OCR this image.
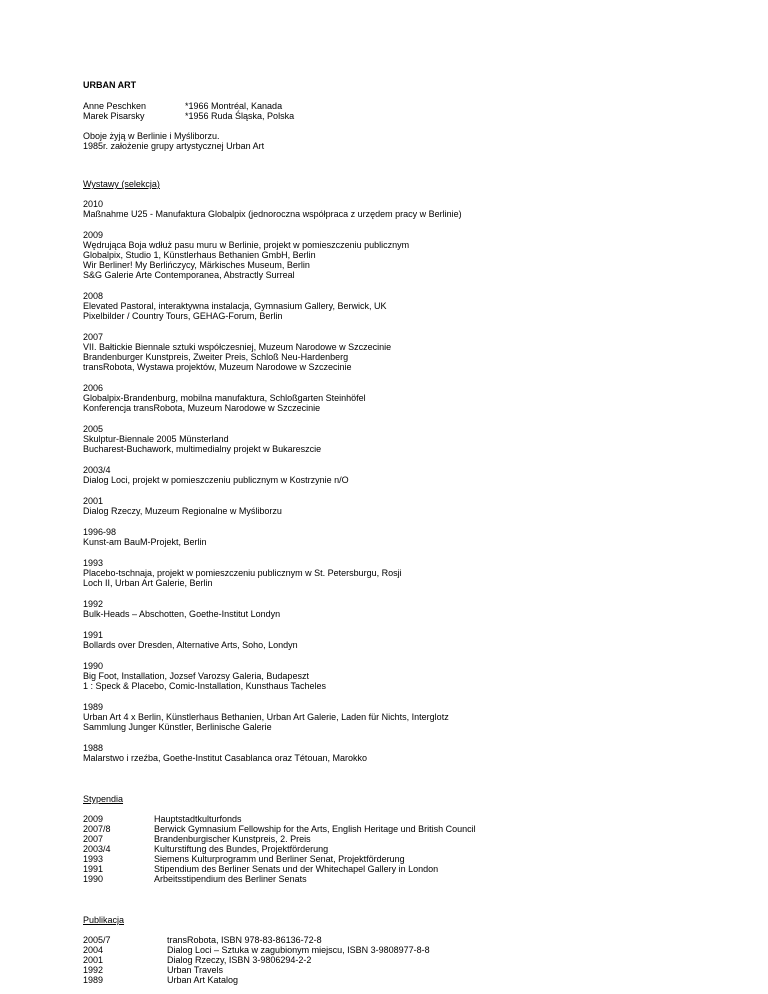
URBAN ART
Anne Peschken	*1966 Montréal, Kanada
Marek Pisarsky	*1956 Ruda Śląska, Polska
Oboje żyją w Berlinie i Myśliborzu.
1985r. założenie grupy artystycznej Urban Art
Wystawy (selekcja)
2010
Maßnahme U25 - Manufaktura Globalpix (jednoroczna współpraca z urzędem pracy w Berlinie)
2009
Wędrująca Boja wdłuż pasu muru w Berlinie, projekt w pomieszczeniu publicznym
Globalpix, Studio 1, Künstlerhaus Bethanien GmbH, Berlin
Wir Berliner! My Berlińczycy, Märkisches Museum, Berlin
S&G Galerie Arte Contemporanea, Abstractly Surreal
2008
Elevated Pastoral, interaktywna instalacja, Gymnasium Gallery, Berwick, UK
Pixelbilder / Country Tours, GEHAG-Forum, Berlin
2007
VII. Bałtickie Biennale sztuki współczesniej, Muzeum Narodowe w Szczecinie
Brandenburger Kunstpreis, Zweiter Preis, Schloß Neu-Hardenberg
transRobota, Wystawa projektów, Muzeum Narodowe w Szczecinie
2006
Globalpix-Brandenburg, mobilna manufaktura, Schloßgarten Steinhöfel
Konferencja transRobota, Muzeum Narodowe w Szczecinie
2005
Skulptur-Biennale 2005 Münsterland
Bucharest-Buchawork, multimedialny projekt w Bukareszcie
2003/4
Dialog Loci, projekt w pomieszczeniu publicznym w Kostrzynie n/O
2001
Dialog Rzeczy, Muzeum Regionalne w Myśliborzu
1996-98
Kunst-am BauM-Projekt, Berlin
1993
Placebo-tschnaja, projekt w pomieszczeniu publicznym w St. Petersburgu, Rosji
Loch II, Urban Art Galerie, Berlin
1992
Bulk-Heads – Abschotten, Goethe-Institut Londyn
1991
Bollards over Dresden, Alternative Arts, Soho, Londyn
1990
Big Foot, Installation, Jozsef Varozsy Galeria, Budapeszt
1 : Speck & Placebo, Comic-Installation, Kunsthaus Tacheles
1989
Urban Art 4 x Berlin, Künstlerhaus Bethanien, Urban Art Galerie, Laden für Nichts, Interglotz
Sammlung Junger Künstler, Berlinische Galerie
1988
Malarstwo i rzeźba, Goethe-Institut Casablanca oraz Tétouan, Marokko
Stypendia
2009	Hauptstadtkulturfonds
2007/8	Berwick Gymnasium Fellowship for the Arts, English Heritage und British Council
2007	Brandenburgischer Kunstpreis, 2. Preis
2003/4	Kulturstiftung des Bundes, Projektförderung
1993	Siemens Kulturprogramm und Berliner Senat, Projektförderung
1991	Stipendium des Berliner Senats und der Whitechapel Gallery in London
1990	Arbeitsstipendium des Berliner Senats
Publikacja
2005/7	transRobota, ISBN 978-83-86136-72-8
2004	Dialog Loci – Sztuka w zagubionym miejscu, ISBN 3-9808977-8-8
2001	Dialog Rzeczy, ISBN 3-9806294-2-2
1992	Urban Travels
1989	Urban Art Katalog
